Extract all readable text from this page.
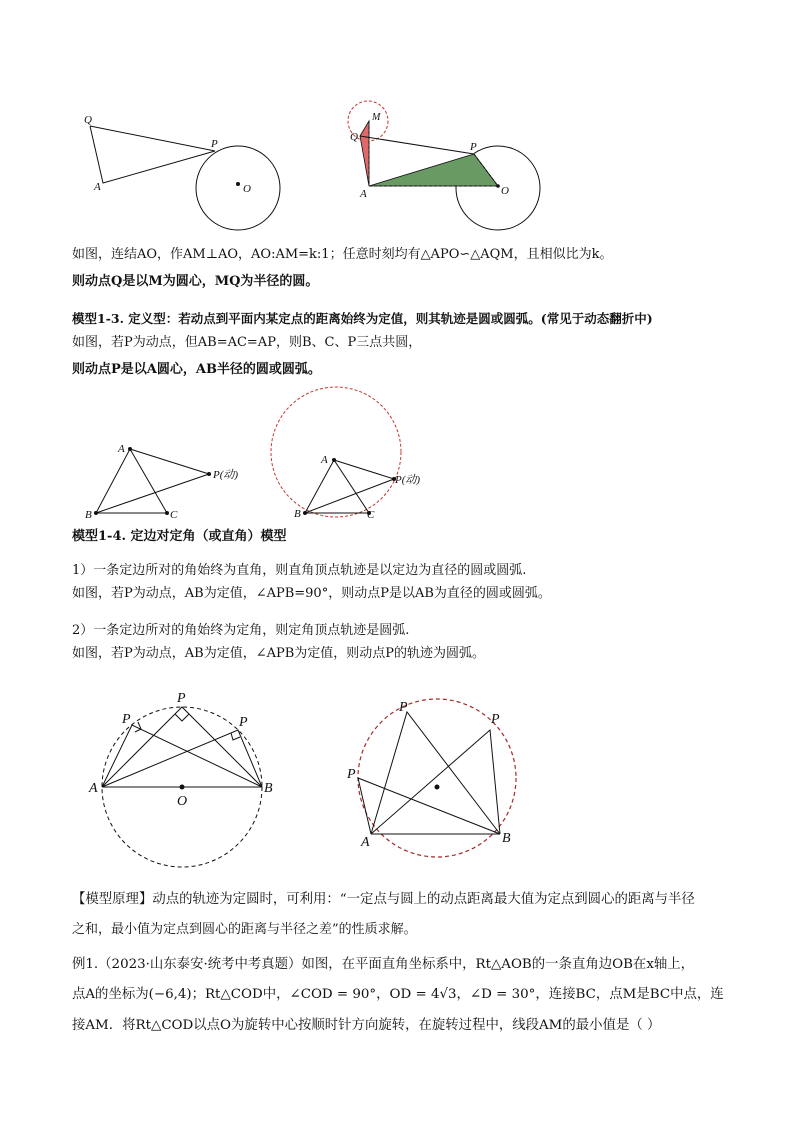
Q
A
P
O
M
Q
A
P
O
如图，连结AO，作AM⊥AO，AO:AM=k:1；任意时刻均有△APO∽△AQM，且相似比为k。
则动点Q是以M为圆心，MQ为半径的圆。
模型1-3. 定义型：若动点到平面内某定点的距离始终为定值，则其轨迹是圆或圆弧。(常见于动态翻折中)
如图，若P为动点，但AB=AC=AP，则B、C、P三点共圆，
则动点P是以A圆心，AB半径的圆或圆弧。
A
B	C
P(动)
A
B	C
P(动)
模型1-4. 定边对定角（或直角）模型
1）一条定边所对的角始终为直角，则直角顶点轨迹是以定边为直径的圆或圆弧.
如图，若P为动点，AB为定值，∠APB=90°，则动点P是以AB为直径的圆或圆弧。
2）一条定边所对的角始终为定角，则定角顶点轨迹是圆弧.
如图，若P为动点，AB为定值，∠APB为定值，则动点P的轨迹为圆弧。
P
P
P
A	B
O
P
P
P
A	B
【模型原理】动点的轨迹为定圆时，可利用：“一定点与圆上的动点距离最大值为定点到圆心的距离与半径
之和，最小值为定点到圆心的距离与半径之差”的性质求解。
例1.（2023·山东泰安·统考中考真题）如图，在平面直角坐标系中，Rt△AOB的一条直角边OB在x轴上，
点A的坐标为(−6,4)；Rt△COD中，∠COD = 90°，OD = 4√3，∠D = 30°，连接BC，点M是BC中点，连
接AM．将Rt△COD以点O为旋转中心按顺时针方向旋转，在旋转过程中，线段AM的最小值是（ ）
